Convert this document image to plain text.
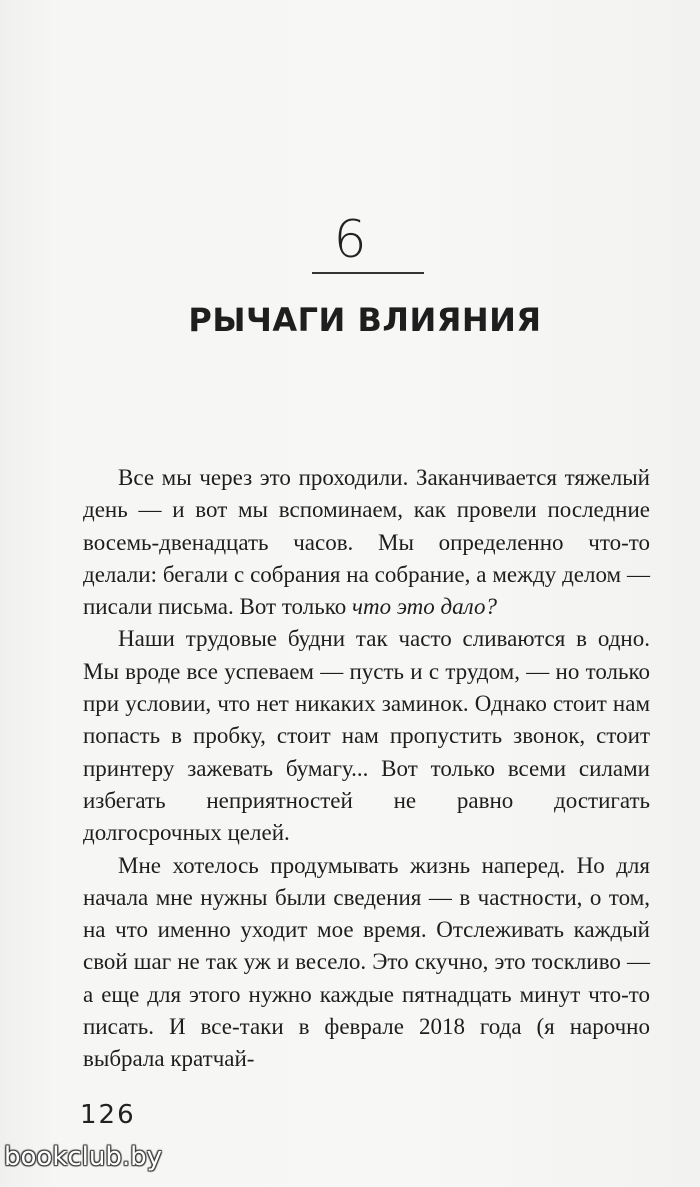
6
РЫЧАГИ ВЛИЯНИЯ

Все мы через это проходили. Заканчивается тяжелый день — и вот мы вспоминаем, как провели последние восемь-двенадцать часов. Мы определенно что-то делали: бегали с собрания на собрание, а между делом — писали письма. Вот только что это дало?

Наши трудовые будни так часто сливаются в одно. Мы вроде все успеваем — пусть и с трудом, — но только при условии, что нет никаких заминок. Однако стоит нам попасть в пробку, стоит нам пропустить звонок, стоит принтеру зажевать бумагу... Вот только всеми силами избегать неприятностей не равно достигать долгосрочных целей.

Мне хотелось продумывать жизнь наперед. Но для начала мне нужны были сведения — в частности, о том, на что именно уходит мое время. Отслеживать каждый свой шаг не так уж и весело. Это скучно, это тоскливо — а еще для этого нужно каждые пятнадцать минут что-то писать. И все-таки в феврале 2018 года (я нарочно выбрала кратчай-

126
bookclub.by
